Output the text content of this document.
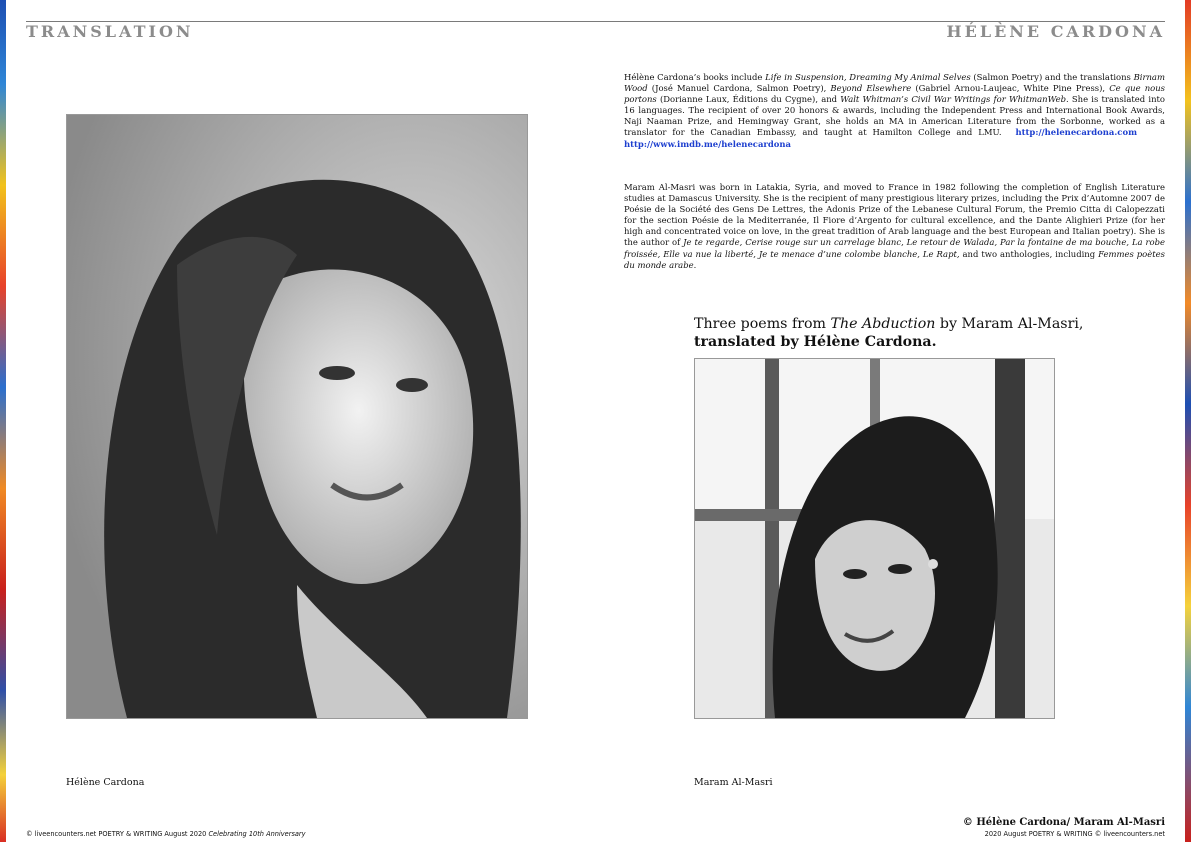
TRANSLATION	HÉLÈNE CARDONA

Hélène Cardona’s books include Life in Suspension, Dreaming My Animal Selves (Salmon Poetry) and the translations Birnam Wood (José Manuel Cardona, Salmon Poetry), Beyond Elsewhere (Gabriel Arnou-Laujeac, White Pine Press), Ce que nous portons (Dorianne Laux, Éditions du Cygne), and Walt Whitman’s Civil War Writings for WhitmanWeb. She is translated into 16 languages. The recipient of over 20 honors & awards, including the Independent Press and International Book Awards, Naji Naaman Prize, and Hemingway Grant, she holds an MA in American Literature from the Sorbonne, worked as a translator for the Canadian Embassy, and taught at Hamilton College and LMU. http://helenecardona.comhttp://www.imdb.me/helenecardona

Maram Al-Masri was born in Latakia, Syria, and moved to France in 1982 following the completion of English Literature studies at Damascus University. She is the recipient of many prestigious literary prizes, including the Prix d’Automne 2007 de Poésie de la Société des Gens De Lettres, the Adonis Prize of the Lebanese Cultural Forum, the Premio Citta di Calopezzati for the section Poésie de la Mediterranée, Il Fiore d’Argento for cultural excellence, and the Dante Alighieri Prize (for her high and concentrated voice on love, in the great tradition of Arab language and the best European and Italian poetry). She is the author of Je te regarde, Cerise rouge sur un carrelage blanc, Le retour de Walada, Par la fontaine de ma bouche, La robe froissée, Elle va nue la liberté, Je te menace d’une colombe blanche, Le Rapt, and two anthologies, including Femmes poètes du monde arabe.

Three poems from The Abduction by Maram Al-Masri,
translated by Hélène Cardona.
Hélène Cardona	Maram Al-Masri
© Hélène Cardona/ Maram Al-Masri
© liveencounters.net POETRY & WRITING August 2020 Celebrating 10th Anniversary	2020 August POETRY & WRITING © liveencounters.net
